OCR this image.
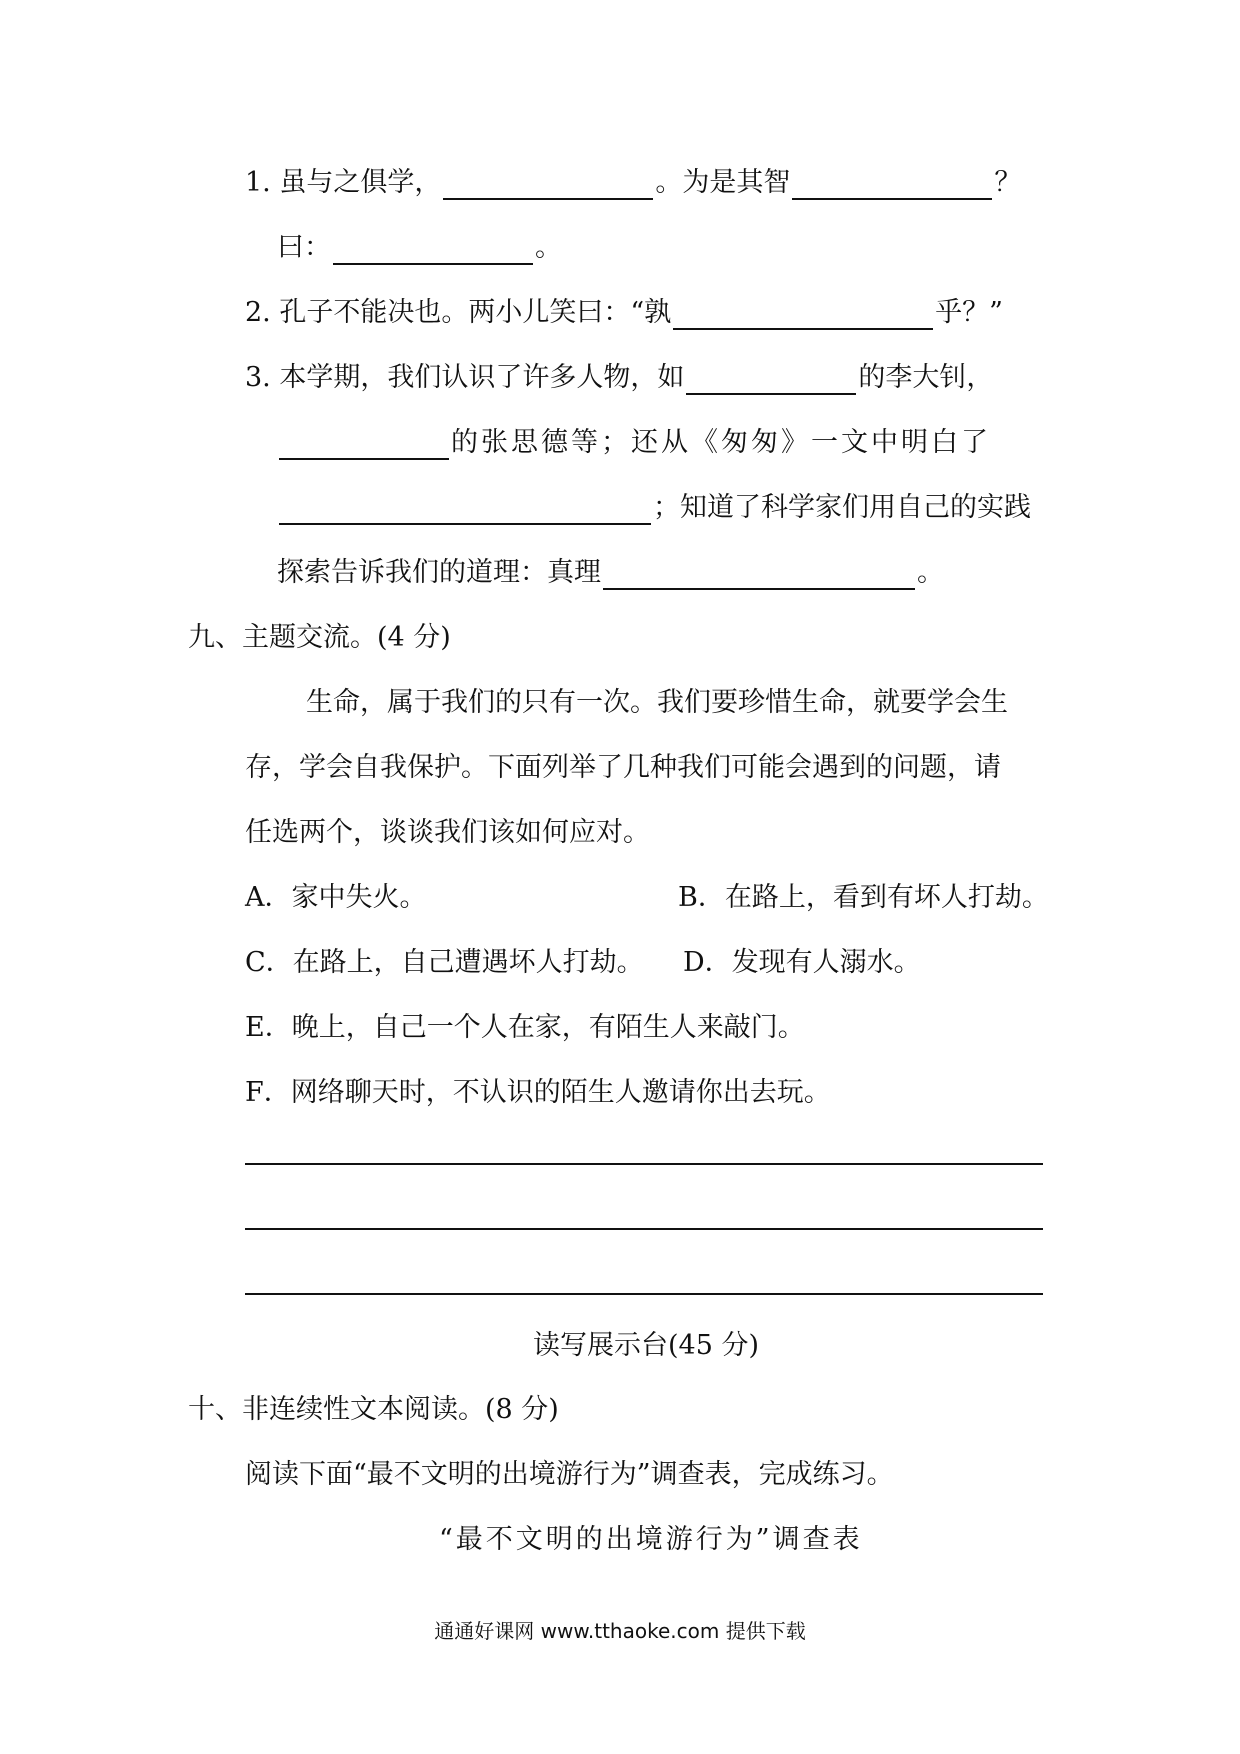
1. 虽与之俱学，	。为是其智	？
曰：	。
2. 孔子不能决也。两小儿笑曰：“孰	乎？”
3. 本学期，我们认识了许多人物，如	的李大钊，
的张思德等；还从《匆匆》一文中明白了
；知道了科学家们用自己的实践
探索告诉我们的道理：真理	。
九、主题交流。(4 分)
生命，属于我们的只有一次。我们要珍惜生命，就要学会生
存，学会自我保护。下面列举了几种我们可能会遇到的问题，请
任选两个，谈谈我们该如何应对。
A．家中失火。	B．在路上，看到有坏人打劫。
C．在路上，自己遭遇坏人打劫。 D．发现有人溺水。
E．晚上，自己一个人在家，有陌生人来敲门。
F．网络聊天时，不认识的陌生人邀请你出去玩。
读写展示台(45 分)
十、非连续性文本阅读。(8 分)
阅读下面“最不文明的出境游行为”调查表，完成练习。
“最不文明的出境游行为”调查表
通通好课网 www.tthaoke.com 提供下载
